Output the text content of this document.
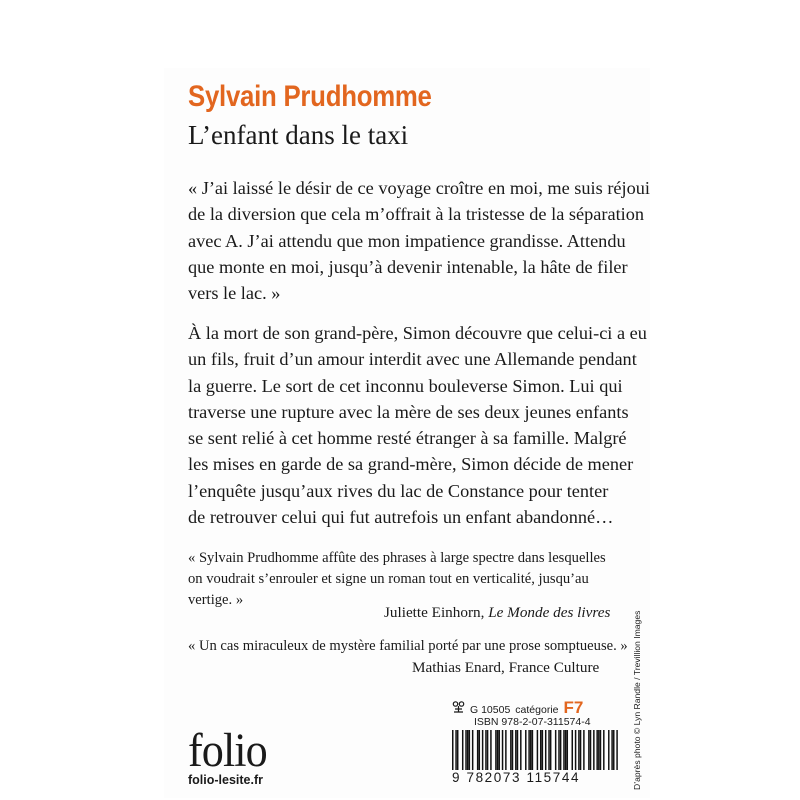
Sylvain Prudhomme
L’enfant dans le taxi
« J’ai laissé le désir de ce voyage croître en moi, me suis réjoui
de la diversion que cela m’offrait à la tristesse de la séparation
avec A. J’ai attendu que mon impatience grandisse. Attendu
que monte en moi, jusqu’à devenir intenable, la hâte de filer
vers le lac. »
À la mort de son grand-père, Simon découvre que celui-ci a eu
un fils, fruit d’un amour interdit avec une Allemande pendant
la guerre. Le sort de cet inconnu bouleverse Simon. Lui qui
traverse une rupture avec la mère de ses deux jeunes enfants
se sent relié à cet homme resté étranger à sa famille. Malgré
les mises en garde de sa grand-mère, Simon décide de mener
l’enquête jusqu’aux rives du lac de Constance pour tenter
de retrouver celui qui fut autrefois un enfant abandonné…
« Sylvain Prudhomme affûte des phrases à large spectre dans lesquelles
on voudrait s’enrouler et signe un roman tout en verticalité, jusqu’au
vertige. »
Juliette Einhorn, Le Monde des livres
« Un cas miraculeux de mystère familial porté par une prose somptueuse. »
Mathias Enard, France Culture
folio
folio-lesite.fr
G 10505 catégorie F7
ISBN 978-2-07-311574-4
9 782073 115744	D’après photo © Lyn Randle / Trevillion Images
